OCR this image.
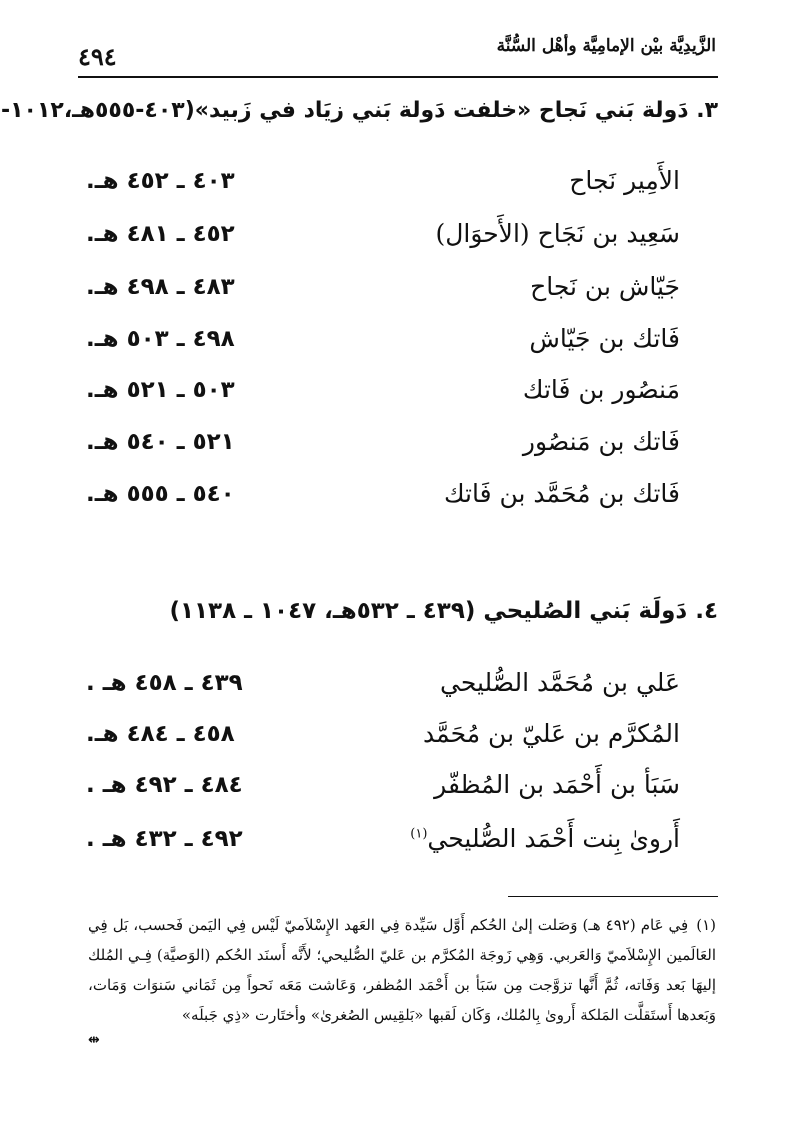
الزَّيدِيَّة بيْن الإمامِيَّة وأهْل السُّنَّة
٤٩٤
٣. دَولة بَني نَجاح «خلفت دَولة بَني زيَاد في زَبيد»(٤٠٣-٥٥٥هـ،١٠١٢-
الأَمِير نَجاح
٤٠٣ ـ ٤٥٢ هـ.
سَعِيد بن نَجَاح (الأَحوَال)
٤٥٢ ـ ٤٨١ هـ.
جَيّاش بن نَجاح
٤٨٣ ـ ٤٩٨ هـ.
فَاتك بن جَيّاش
٤٩٨ ـ ٥٠٣ هـ.
مَنصُور بن فَاتك
٥٠٣ ـ ٥٢١ هـ.
فَاتك بن مَنصُور
٥٢١ ـ ٥٤٠ هـ.
فَاتك بن مُحَمَّد بن فَاتك
٥٤٠ ـ ٥٥٥ هـ.
٤. دَولَة بَني الصُليحي (٤٣٩ ـ ٥٣٢هـ، ١٠٤٧ ـ ١١٣٨)
عَلي بن مُحَمَّد الصُّليحي
٤٣٩ ـ ٤٥٨ هـ .
المُكرَّم بن عَليّ بن مُحَمَّد
٤٥٨ ـ ٤٨٤ هـ.
سَبَأ بن أَحْمَد بن المُظفّر
٤٨٤ ـ ٤٩٢ هـ .
أَروىٰ بِنت أَحْمَد الصُّليحي$^{(١)}$
٤٩٢ ـ ٤٣٢ هـ .
(١)فِي عَام (٤٩٢ هـ) وَصَلت إلىٰ الحُكم أَوَّل سَيِّدة فِي العَهد الإِسْلاَميّ لَيْس فِي اليَمن فَحسب، بَل فِي العَالَمين الإِسْلاَميّ وَالعَربي. وَهِي زَوجَة المُكرَّم بن عَليّ الصُّليحي؛ لأَنَّه أَسنَد الحُكم (الوَصيَّة) فِـي المُلك إليهَا بَعد وَفَاته، ثُمَّ أَنَّها تزوَّجت مِن سَبَأ بن أَحْمَد المُظفر، وَعَاشت مَعَه نَحواً مِن ثَمَاني سَنوَات وَمَات، وَبَعدها أَستَقلَّت المَلكة أَروىٰ بِالمُلك، وَكَان لَقبها «بَلقِيس الصُغرىٰ» وأختَارت «ذِي جَبلَه»
⇹
